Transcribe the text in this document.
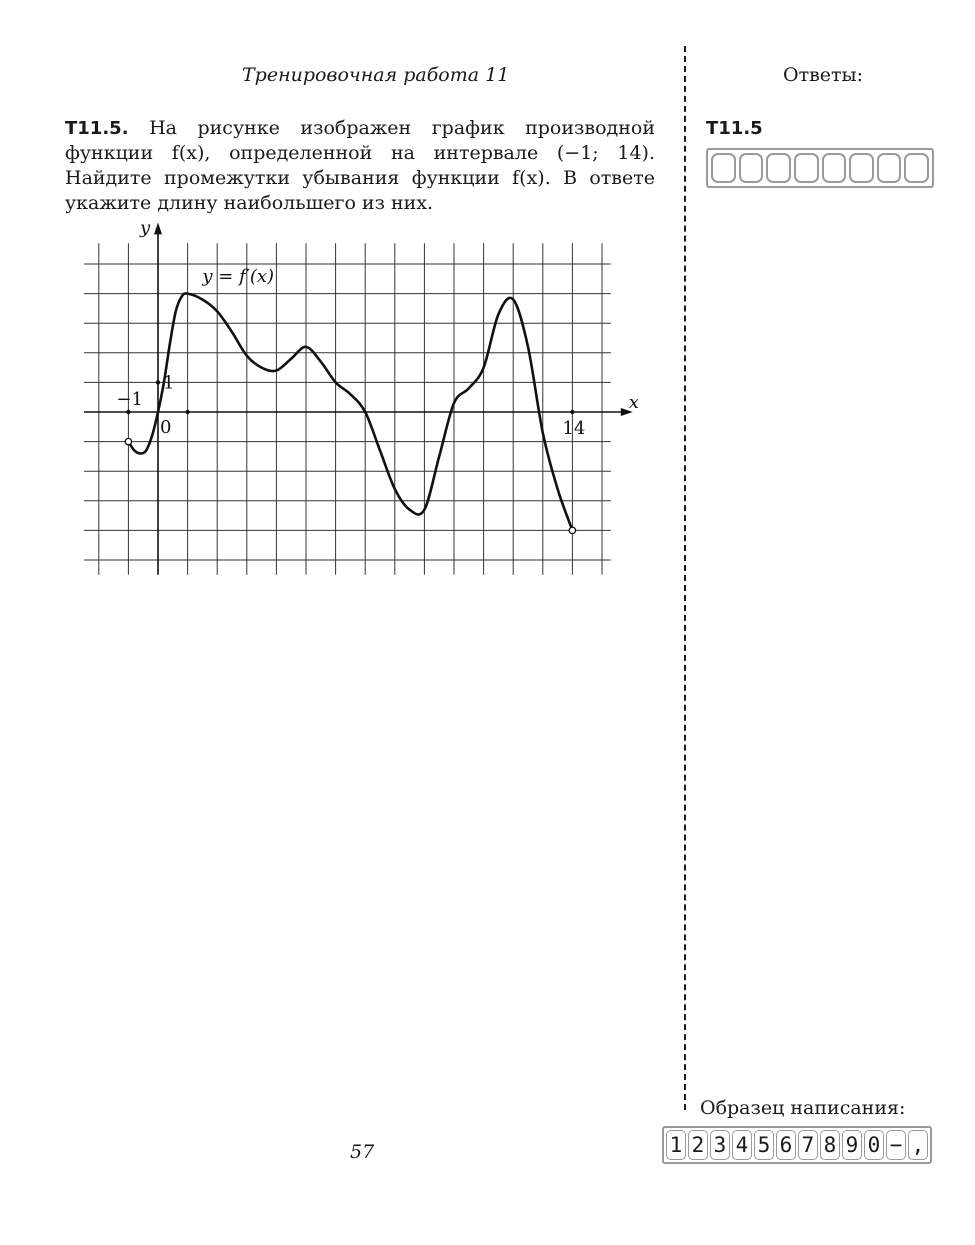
Тренировочная работа 11	Ответы:
Т11.5. На рисунке изображен график производной функции f(x), определенной на интервале (−1; 14). Найдите промежутки убывания функции f(x). В ответе укажите длину наибольшего из них.
Т11.5
x
y
y = f′(x)
−1
0
1
14
57
Образец написания:
1 2 3 4 5 6 7 8 9 0 − ,
